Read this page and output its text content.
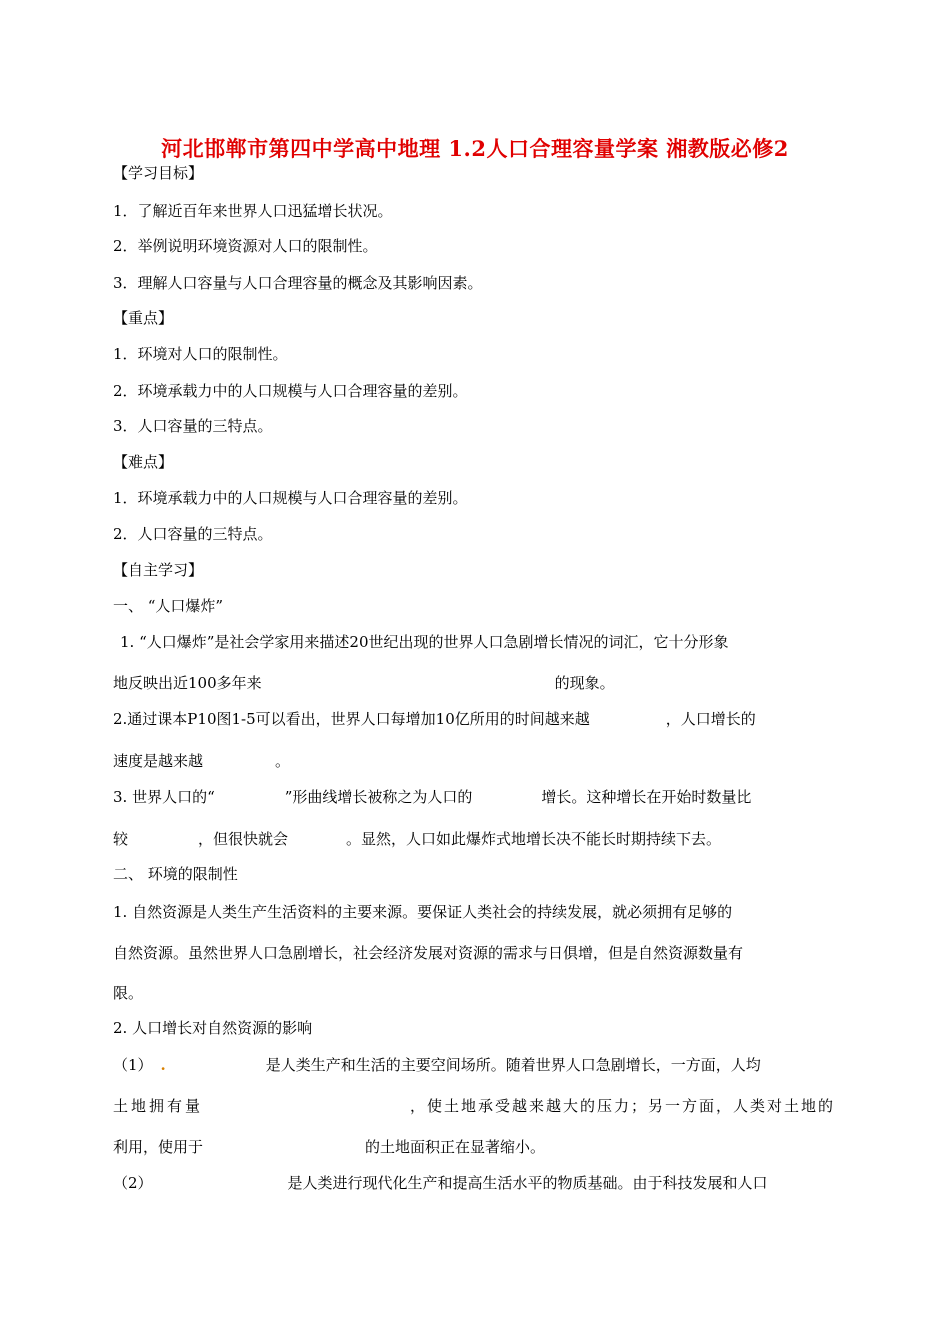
河北邯郸市第四中学高中地理 1.2人口合理容量学案 湘教版必修2
【学习目标】
1．了解近百年来世界人口迅猛增长状况。
2．举例说明环境资源对人口的限制性。
3．理解人口容量与人口合理容量的概念及其影响因素。
【重点】
1．环境对人口的限制性。
2．环境承载力中的人口规模与人口合理容量的差别。
3．人口容量的三特点。
【难点】
1．环境承载力中的人口规模与人口合理容量的差别。
2．人口容量的三特点。
【自主学习】
一、 “人口爆炸”
1. “人口爆炸”是社会学家用来描述20世纪出现的世界人口急剧增长情况的词汇，它十分形象
地反映出近100多年来	的现象。
2.通过课本P10图1-5可以看出，世界人口每增加10亿所用的时间越来越	，人口增长的
速度是越来越	。
3. 世界人口的“	”形曲线增长被称之为人口的	增长。这种增长在开始时数量比
较	，但很快就会	。显然，人口如此爆炸式地增长决不能长时期持续下去。
二、 环境的限制性
1. 自然资源是人类生产生活资料的主要来源。要保证人类社会的持续发展，就必须拥有足够的
自然资源。虽然世界人口急剧增长，社会经济发展对资源的需求与日俱增，但是自然资源数量有
限。
2. 人口增长对自然资源的影响
（1） .	是人类生产和生活的主要空间场所。随着世界人口急剧增长，一方面，人均
土地拥有量	，使土地承受越来越大的压力；另一方面，人类对土地的
利用，使用于	的土地面积正在显著缩小。
（2）	是人类进行现代化生产和提高生活水平的物质基础。由于科技发展和人口
